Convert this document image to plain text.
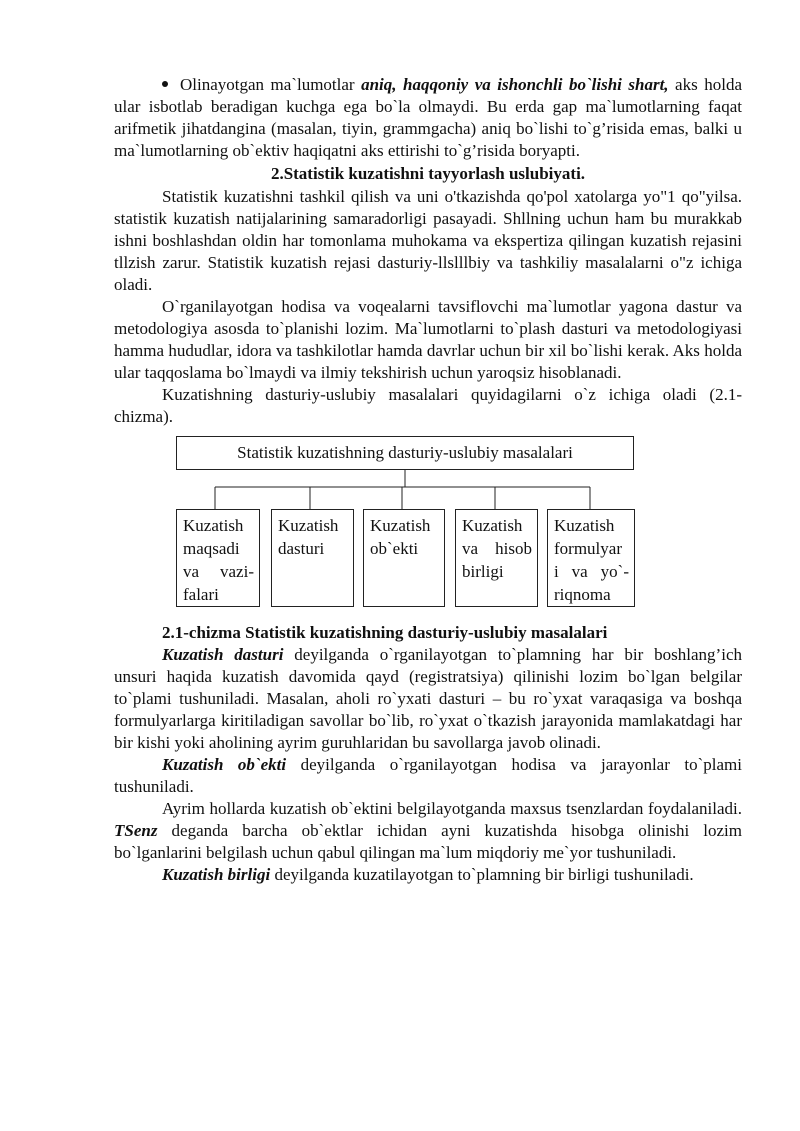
Olinayotgan ma`lumotlar aniq, haqqoniy va ishonchli bo`lishi shart, aks holda ular isbotlab beradigan kuchga ega bo`la olmaydi. Bu erda gap ma`lumotlarning faqat arifmetik jihatdangina (masalan, tiyin, grammgacha) aniq bo`lishi to`g’risida emas, balki u ma`lumotlarning ob`ektiv haqiqatni aks ettirishi to`g’risida boryapti.

2.Statistik kuzatishni tayyorlash uslubiyati.

Statistik kuzatishni tashkil qilish va uni o'tkazishda qo'pol xatolarga yo"1 qo"yilsa. statistik kuzatish natijalarining samaradorligi pasayadi. Shllning uchun ham bu murakkab ishni boshlashdan oldin har tomonlama muhokama va ekspertiza qilingan kuzatish rejasini tllzish zarur. Statistik kuzatish rejasi dasturiy-llslllbiy va tashkiliy masalalarni o"z ichiga oladi.

O`rganilayotgan hodisa va voqealarni tavsiflovchi ma`lumotlar yagona dastur va metodologiya asosda to`planishi lozim. Ma`lumotlarni to`plash dasturi va metodologiyasi hamma hududlar, idora va tashkilotlar hamda davrlar uchun bir xil bo`lishi kerak. Aks holda ular taqqoslama bo`lmaydi va ilmiy tekshirish uchun yaroqsiz hisoblanadi.

Kuzatishning dasturiy-uslubiy masalalari quyidagilarni o`z ichiga oladi (2.1-chizma).

Statistik kuzatishning dasturiy-uslubiy masalalari
Kuzatish maqsadi va vazi-falari
Kuzatish dasturi
Kuzatish ob`ekti
Kuzatish va hisob birligi
Kuzatish formulyar i va yo`-riqnoma

2.1-chizma Statistik kuzatishning dasturiy-uslubiy masalalari

Kuzatish dasturi deyilganda o`rganilayotgan to`plamning har bir boshlang’ich unsuri haqida kuzatish davomida qayd (registratsiya) qilinishi lozim bo`lgan belgilar to`plami tushuniladi. Masalan, aholi ro`yxati dasturi – bu ro`yxat varaqasiga va boshqa formulyarlarga kiritiladigan savollar bo`lib, ro`yxat o`tkazish jarayonida mamlakatdagi har bir kishi yoki aholining ayrim guruhlaridan bu savollarga javob olinadi.

Kuzatish ob`ekti deyilganda o`rganilayotgan hodisa va jarayonlar to`plami tushuniladi.

Ayrim hollarda kuzatish ob`ektini belgilayotganda maxsus tsenzlardan foydalaniladi. TSenz deganda barcha ob`ektlar ichidan ayni kuzatishda hisobga olinishi lozim bo`lganlarini belgilash uchun qabul qilingan ma`lum miqdoriy me`yor tushuniladi.

Kuzatish birligi deyilganda kuzatilayotgan to`plamning bir birligi tushuniladi.
